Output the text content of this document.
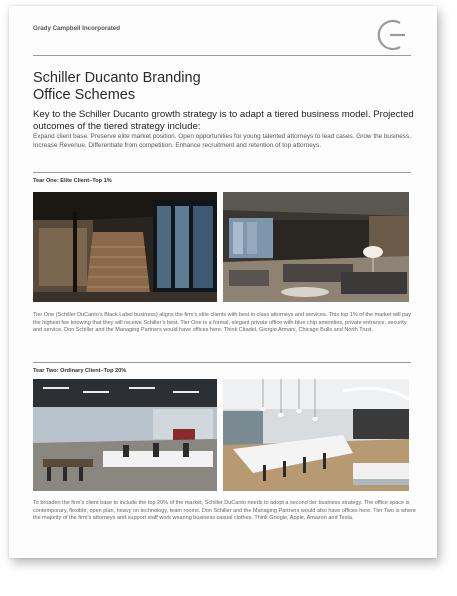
Grady Campbell Incorporated
Schiller Ducanto Branding
Office Schemes

Key to the Schiller Ducanto growth strategy is to adapt a tiered business model. Projected outcomes of the tiered strategy include:

Expand client base. Preserve elite market position. Open opportunities for young talented attorneys to lead cases. Grow the business. Increase Revenue. Differentiate from competition. Enhance recruitment and retention of top attorneys.

Tear One: Elite Client–Top 1%

Tier One (Schiller DuCanto’s Black Label business) aligns the firm’s elite clients with best in class attorneys and services. This top 1% of the market will pay the highest fee knowing that they will receive Schiller’s best. Tier One is a formal, elegant private office with blue chip amenities, private entrance, security and service. Don Schiller and the Managing Partners would have offices here. Think Citadel, Giorgio Armani, Chicago Bulls and North Trust.

Tear Two: Ordinary Client–Top 20%

To broaden the firm’s client base to include the top 20% of the market, Schiller DuCanto needs to adopt a second tier business strategy. The office space is contemporary, flexible, open plan, heavy on technology, team rooms. Don Schiller and the Managing Partners would also have offices here. Tier Two is where the majority of the firm’s attorneys and support staff work wearing business casual clothes. Think Google, Apple, Amazon and Tesla.
